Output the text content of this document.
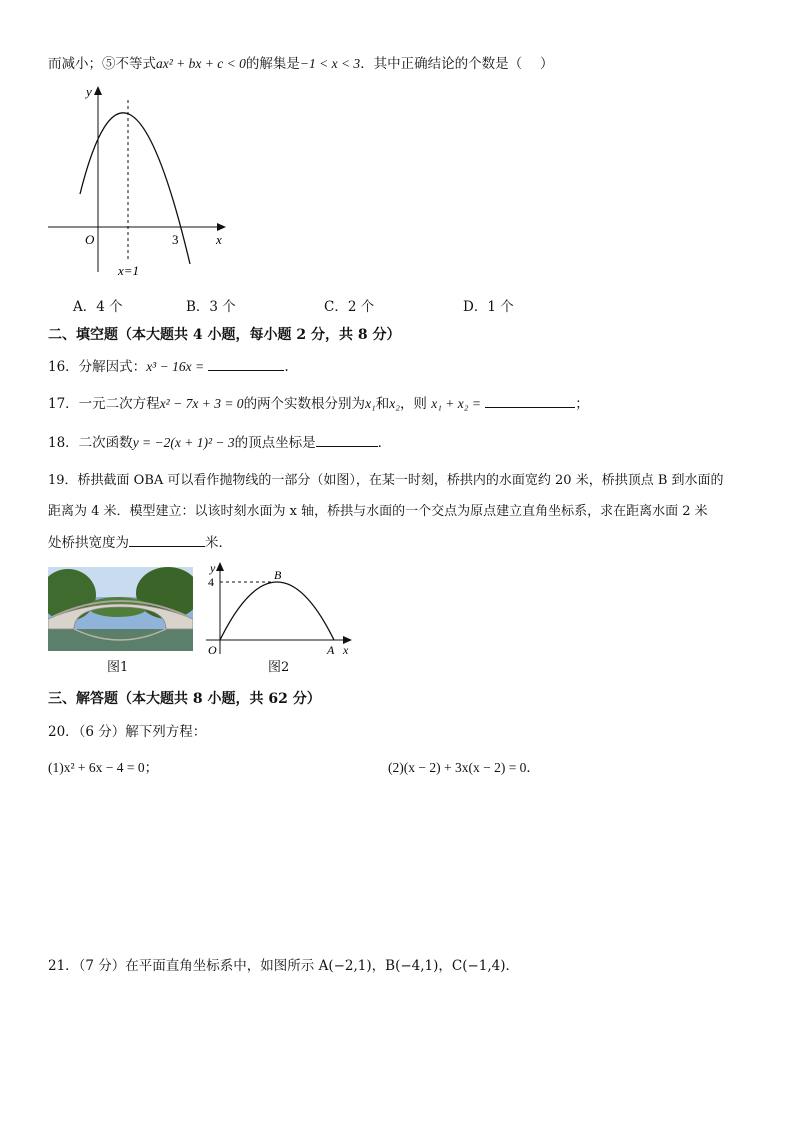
而减小；⑤不等式ax² + bx + c < 0的解集是−1 < x < 3．其中正确结论的个数是（　 ）
y
x
O	3
x=1
A．4 个	B．3 个	C．2 个	D．1 个
二、填空题（本大题共 4 小题，每小题 2 分，共 8 分）
16．分解因式：x³ − 16x =	.
17．一元二次方程x² − 7x + 3 = 0的两个实数根分别为x₁和x₂，则 x₁ + x₂ =	；
18．二次函数y = −2(x + 1)² − 3的顶点坐标是	．
19．桥拱截面 OBA 可以看作抛物线的一部分（如图），在某一时刻，桥拱内的水面宽约 20 米，桥拱顶点 B 到水面的
距离为 4 米．模型建立：以该时刻水面为 x 轴，桥拱与水面的一个交点为原点建立直角坐标系，求在距离水面 2 米
处桥拱宽度为	米．
图1
y
4	B
O	A x
图2
三、解答题（本大题共 8 小题，共 62 分）
20．（6 分）解下列方程：
(1)x² + 6x − 4 = 0；	(2)(x − 2) + 3x(x − 2) = 0．
21．（7 分）在平面直角坐标系中，如图所示 A(−2,1)，B(−4,1)，C(−1,4)．
